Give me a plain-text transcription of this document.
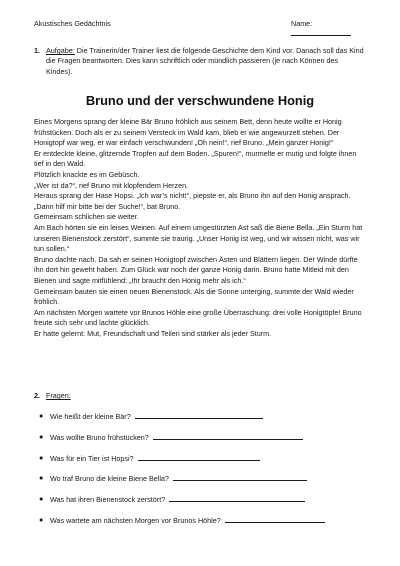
Akustisches Gedächtnis	Name:
1. Aufgabe: Die Trainerin/der Trainer liest die folgende Geschichte dem Kind vor. Danach soll das Kind die Fragen beantworten. Dies kann schriftlich oder mündlich passieren (je nach Können des Kindes).
Bruno und der verschwundene Honig

Eines Morgens sprang der kleine Bär Bruno fröhlich aus seinem Bett, denn heute wollte er Honig frühstücken. Doch als er zu seinem Versteck im Wald kam, blieb er wie angewurzelt stehen. Der Honigtopf war weg, er war einfach verschwunden! „Oh nein!“, rief Bruno. „Mein ganzer Honig!“

Er entdeckte kleine, glitzernde Tropfen auf dem Boden. „Spuren!“, murmelte er mutig und folgte ihnen tief in den Wald.

Plötzlich knackte es im Gebüsch.

„Wer ist da?“, rief Bruno mit klopfendem Herzen.

Heraus sprang der Hase Hopsi. „Ich war’s nicht!“, piepste er, als Bruno ihn auf den Honig ansprach. „Dann hilf mir bitte bei der Suche!“, bat Bruno.

Gemeinsam schlichen sie weiter.

Am Bach hörten sie ein leises Weinen. Auf einem umgestürzten Ast saß die Biene Bella. „Ein Sturm hat unseren Bienenstock zerstört“, summte sie traurig. „Unser Honig ist weg, und wir wissen nicht, was wir tun sollen.“

Bruno dachte nach. Da sah er seinen Honigtopf zwischen Ästen und Blättern liegen. Der Winde dürfte ihn dort hin geweht haben. Zum Glück war noch der ganze Honig darin. Bruno hatte Mitleid mit den Bienen und sagte mitfühlend: „Ihr braucht den Honig mehr als ich.“

Gemeinsam bauten sie einen neuen Bienenstock. Als die Sonne unterging, summte der Wald wieder fröhlich.

Am nächsten Morgen wartete vor Brunos Höhle eine große Überraschung: drei volle Honigtöpfe! Bruno freute sich sehr und lachte glücklich.

Er hatte gelernt: Mut, Freundschaft und Teilen sind stärker als jeder Sturm.

2. Fragen:
● Wie heißt der kleine Bär?
● Was wollte Bruno frühstücken?
● Was für ein Tier ist Hopsi?
● Wo traf Bruno die kleine Biene Bella?
● Was hat ihren Bienenstock zerstört?
● Was wartete am nächsten Morgen vor Brunos Höhle?
